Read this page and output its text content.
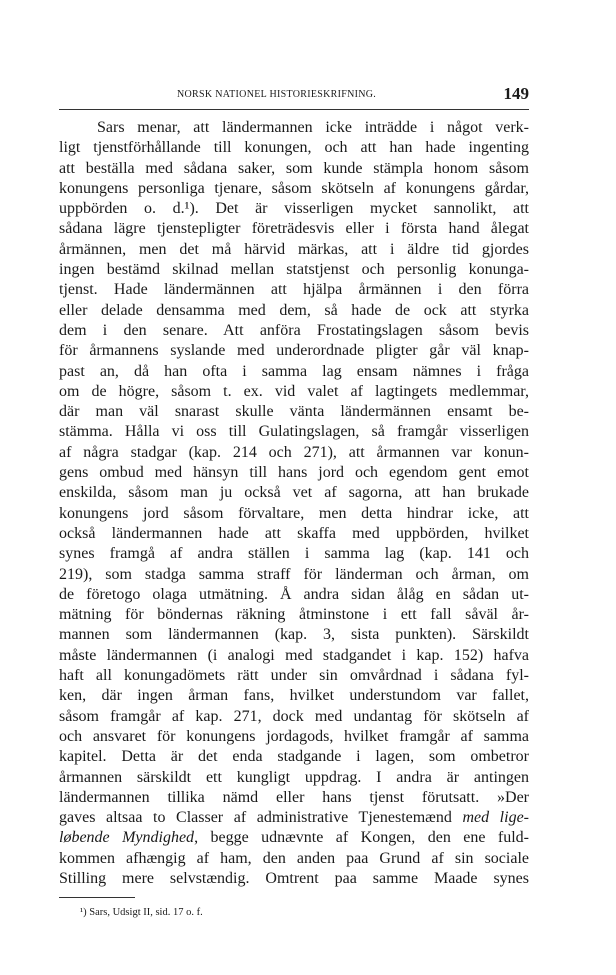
NORSK NATIONEL HISTORIESKRIFNING.	149
Sars menar, att ländermannen icke inträdde i något verk-
ligt tjenstförhållande till konungen, och att han hade ingenting
att beställa med sådana saker, som kunde stämpla honom såsom
konungens personliga tjenare, såsom skötseln af konungens gårdar,
uppbörden o. d.¹). Det är visserligen mycket sannolikt, att
sådana lägre tjenstepligter företrädesvis eller i första hand ålegat
årmännen, men det må härvid märkas, att i äldre tid gjordes
ingen bestämd skilnad mellan statstjenst och personlig konunga-
tjenst. Hade ländermännen att hjälpa årmännen i den förra
eller delade densamma med dem, så hade de ock att styrka
dem i den senare. Att anföra Frostatingslagen såsom bevis
för årmannens syslande med underordnade pligter går väl knap-
past an, då han ofta i samma lag ensam nämnes i fråga
om de högre, såsom t. ex. vid valet af lagtingets medlemmar,
där man väl snarast skulle vänta ländermännen ensamt be-
stämma. Hålla vi oss till Gulatingslagen, så framgår visserligen
af några stadgar (kap. 214 och 271), att årmannen var konun-
gens ombud med hänsyn till hans jord och egendom gent emot
enskilda, såsom man ju också vet af sagorna, att han brukade
konungens jord såsom förvaltare, men detta hindrar icke, att
också ländermannen hade att skaffa med uppbörden, hvilket
synes framgå af andra ställen i samma lag (kap. 141 och
219), som stadga samma straff för länderman och årman, om
de företogo olaga utmätning. Å andra sidan ålåg en sådan ut-
mätning för böndernas räkning åtminstone i ett fall såväl år-
mannen som ländermannen (kap. 3, sista punkten). Särskildt
måste ländermannen (i analogi med stadgandet i kap. 152) hafva
haft all konungadömets rätt under sin omvårdnad i sådana fyl-
ken, där ingen årman fans, hvilket understundom var fallet,
såsom framgår af kap. 271, dock med undantag för skötseln af
och ansvaret för konungens jordagods, hvilket framgår af samma
kapitel. Detta är det enda stadgande i lagen, som ombetror
årmannen särskildt ett kungligt uppdrag. I andra är antingen
ländermannen tillika nämd eller hans tjenst förutsatt. »Der
gaves altsaa to Classer af administrative Tjenestemænd med lige-
løbende Myndighed, begge udnævnte af Kongen, den ene fuld-
kommen afhængig af ham, den anden paa Grund af sin sociale
Stilling mere selvstændig. Omtrent paa samme Maade synes
¹) Sars, Udsigt II, sid. 17 o. f.
